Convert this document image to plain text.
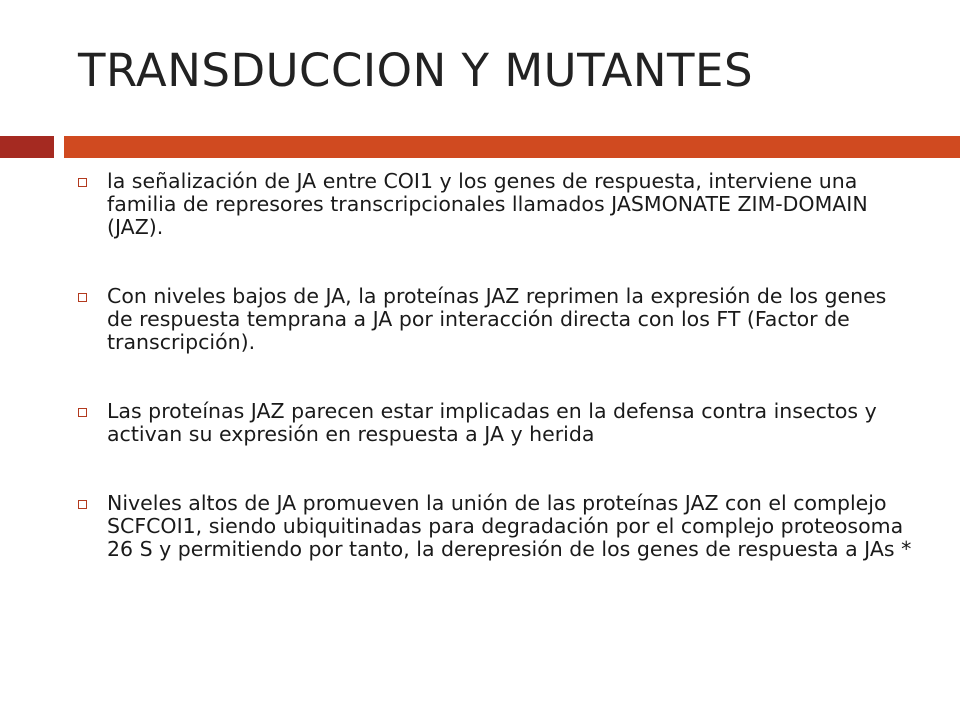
TRANSDUCCION Y MUTANTES
la señalización de JA entre COI1 y los genes de respuesta, interviene una familia de represores transcripcionales llamados JASMONATE ZIM-DOMAIN (JAZ).
Con niveles bajos de JA, la proteínas JAZ reprimen la expresión de los genes de respuesta temprana a JA por interacción directa con los FT (Factor de transcripción).
Las proteínas JAZ parecen estar implicadas en la defensa contra insectos y activan su expresión en respuesta a JA y herida
Niveles altos de JA promueven la unión de las proteínas JAZ con el complejo SCFCOI1, siendo ubiquitinadas para degradación por el complejo proteosoma 26 S y permitiendo por tanto, la derepresión de los genes de respuesta a JAs *
